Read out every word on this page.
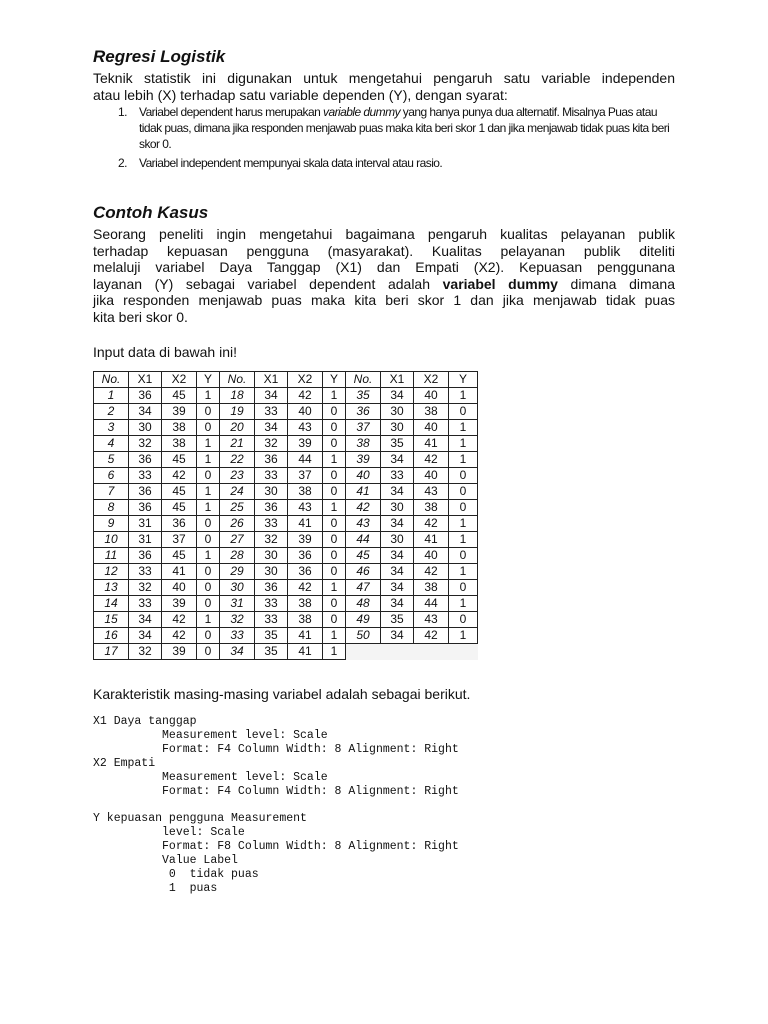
Regresi Logistik
Teknik statistik ini digunakan untuk mengetahui pengaruh satu variable independen
atau lebih (X) terhadap satu variable dependen (Y), dengan syarat:
1. Variabel dependent harus merupakan variable dummy yang hanya punya dua alternatif. Misalnya Puas atau tidak puas, dimana jika responden menjawab puas maka kita beri skor 1 dan jika menjawab tidak puas kita beri skor 0.
2. Variabel independent mempunyai skala data interval atau rasio.
Contoh Kasus
Seorang peneliti ingin mengetahui bagaimana pengaruh kualitas pelayanan publik
terhadap kepuasan pengguna (masyarakat). Kualitas pelayanan publik diteliti
melaluji variabel Daya Tanggap (X1) dan Empati (X2). Kepuasan penggunana
layanan (Y) sebagai variabel dependent adalah variabel dummy dimana dimana
jika responden menjawab puas maka kita beri skor 1 dan jika menjawab tidak puas
kita beri skor 0.
Input data di bawah ini!
No.	X1	X2	Y	No.	X1	X2	Y	No.	X1	X2	Y
1	36	45	1	18	34	42	1	35	34	40	1
2	34	39	0	19	33	40	0	36	30	38	0
3	30	38	0	20	34	43	0	37	30	40	1
4	32	38	1	21	32	39	0	38	35	41	1
5	36	45	1	22	36	44	1	39	34	42	1
6	33	42	0	23	33	37	0	40	33	40	0
7	36	45	1	24	30	38	0	41	34	43	0
8	36	45	1	25	36	43	1	42	30	38	0
9	31	36	0	26	33	41	0	43	34	42	1
10	31	37	0	27	32	39	0	44	30	41	1
11	36	45	1	28	30	36	0	45	34	40	0
12	33	41	0	29	30	36	0	46	34	42	1
13	32	40	0	30	36	42	1	47	34	38	0
14	33	39	0	31	33	38	0	48	34	44	1
15	34	42	1	32	33	38	0	49	35	43	0
16	34	42	0	33	35	41	1	50	34	42	1
17	32	39	0	34	35	41	1				
Karakteristik masing-masing variabel adalah sebagai berikut.
X1 Daya tanggap
Measurement level: Scale
Format: F4 Column Width: 8 Alignment: Right
X2 Empati
Measurement level: Scale
Format: F4 Column Width: 8 Alignment: Right

Y kepuasan pengguna Measurement
level: Scale
Format: F8 Column Width: 8 Alignment: Right
Value Label
0  tidak puas
1  puas
